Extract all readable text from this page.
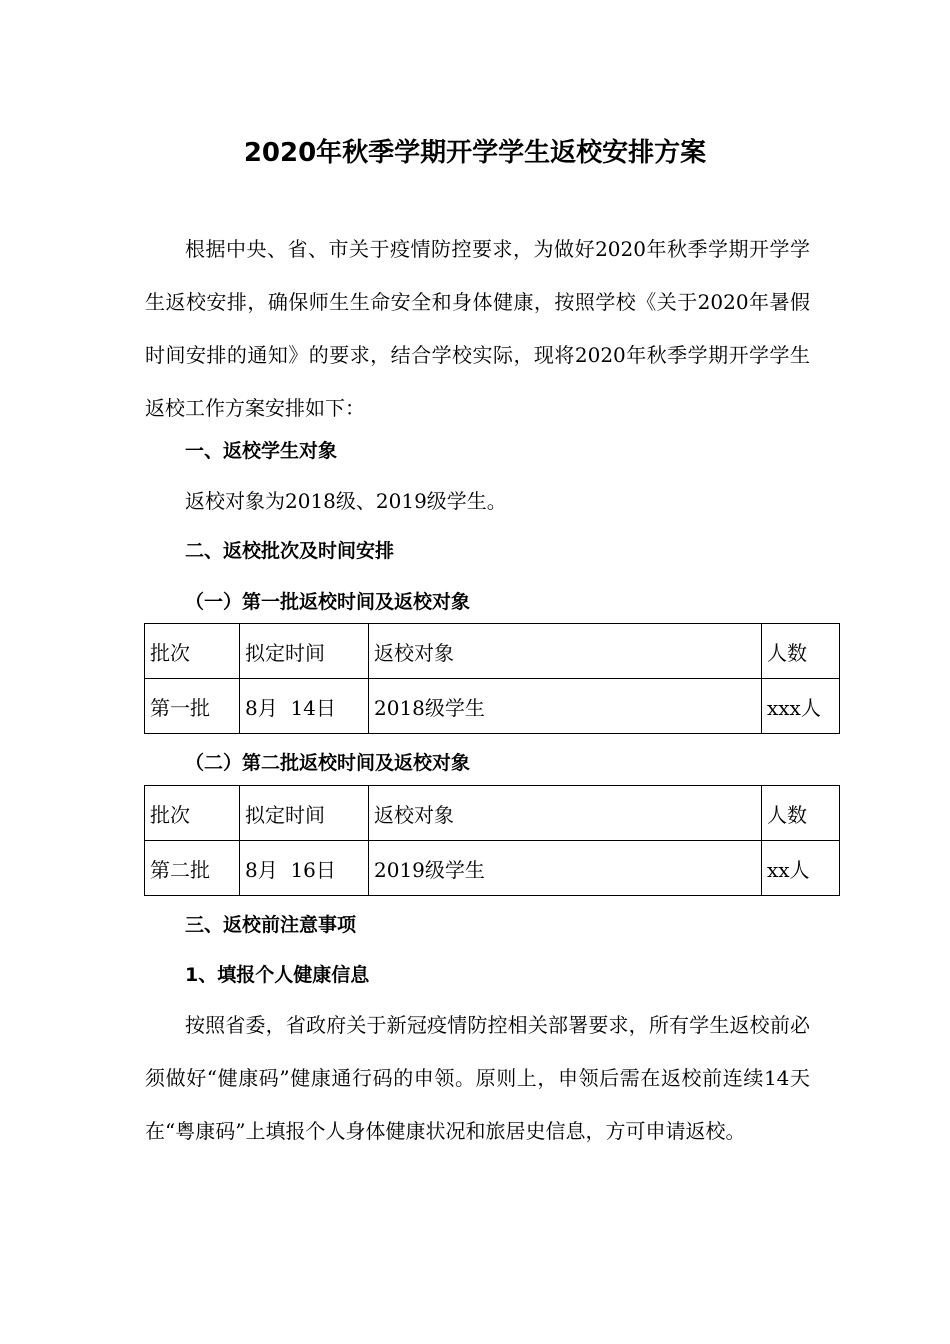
2020年秋季学期开学学生返校安排方案

根据中央、省、市关于疫情防控要求，为做好2020年秋季学期开学学生返校安排，确保师生生命安全和身体健康，按照学校《关于2020年暑假时间安排的通知》的要求，结合学校实际，现将2020年秋季学期开学学生返校工作方案安排如下：

一、返校学生对象
返校对象为2018级、2019级学生。
二、返校批次及时间安排
（一）第一批返校时间及返校对象
批次	拟定时间	返校对象	人数
第一批	8月  14日	2018级学生	xxx人
（二）第二批返校时间及返校对象
批次	拟定时间	返校对象	人数
第二批	8月  16日	2019级学生	xx人
三、返校前注意事项
1、填报个人健康信息

按照省委，省政府关于新冠疫情防控相关部署要求，所有学生返校前必须做好“健康码”健康通行码的申领。原则上，申领后需在返校前连续14天在“粤康码”上填报个人身体健康状况和旅居史信息，方可申请返校。
